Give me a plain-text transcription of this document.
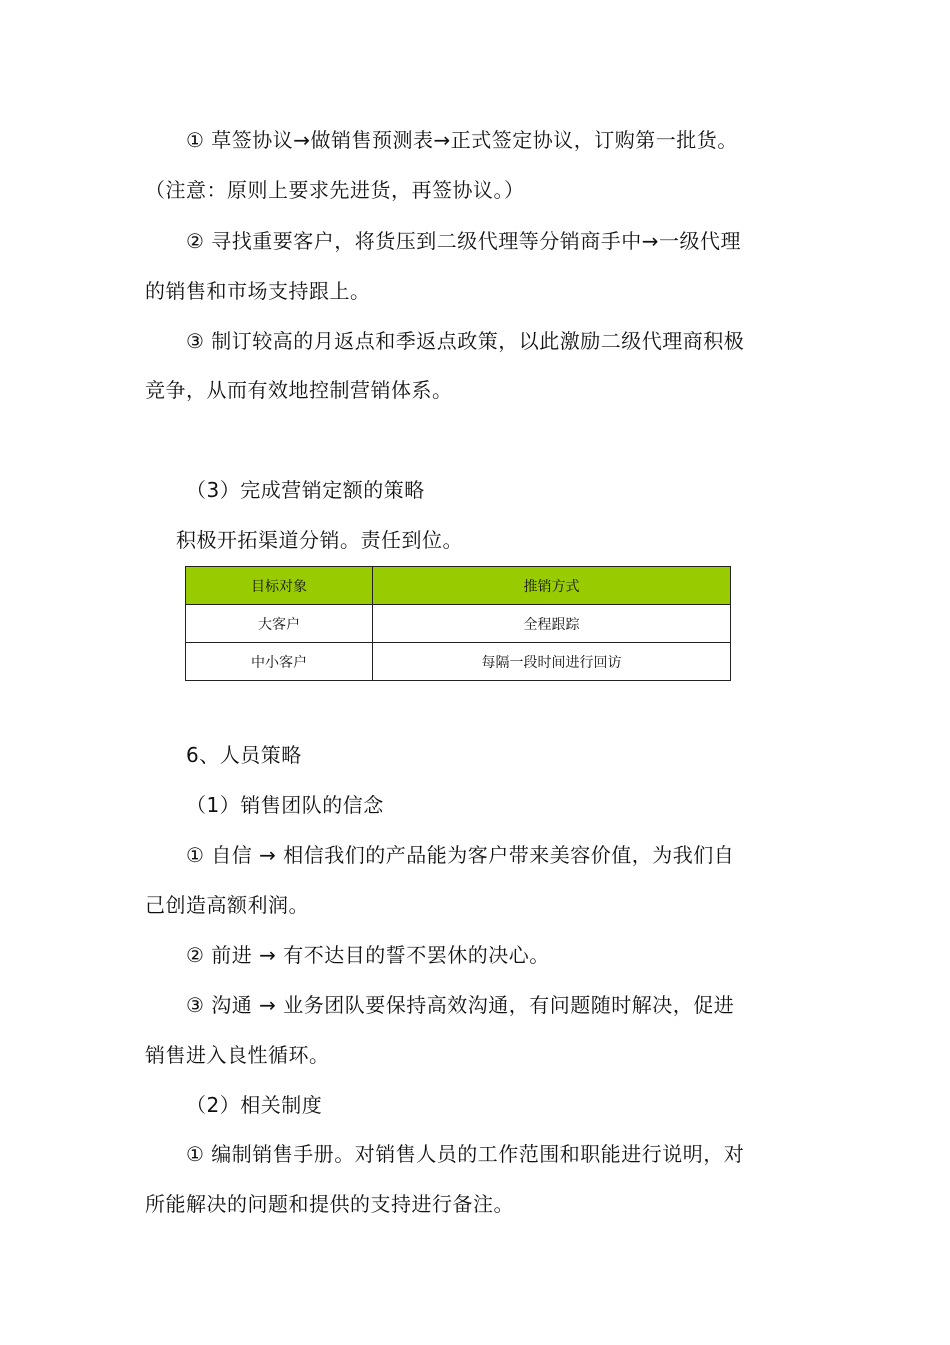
① 草签协议→做销售预测表→正式签定协议，订购第一批货。
（注意：原则上要求先进货，再签协议。）
② 寻找重要客户，将货压到二级代理等分销商手中→一级代理
的销售和市场支持跟上。
③ 制订较高的月返点和季返点政策，以此激励二级代理商积极
竞争，从而有效地控制营销体系。
（3）完成营销定额的策略
积极开拓渠道分销。责任到位。
目标对象	推销方式
大客户	全程跟踪
中小客户	每隔一段时间进行回访
6、人员策略
（1）销售团队的信念
① 自信 → 相信我们的产品能为客户带来美容价值，为我们自
己创造高额利润。
② 前进 → 有不达目的誓不罢休的决心。
③ 沟通 → 业务团队要保持高效沟通，有问题随时解决，促进
销售进入良性循环。
（2）相关制度
① 编制销售手册。对销售人员的工作范围和职能进行说明，对
所能解决的问题和提供的支持进行备注。
